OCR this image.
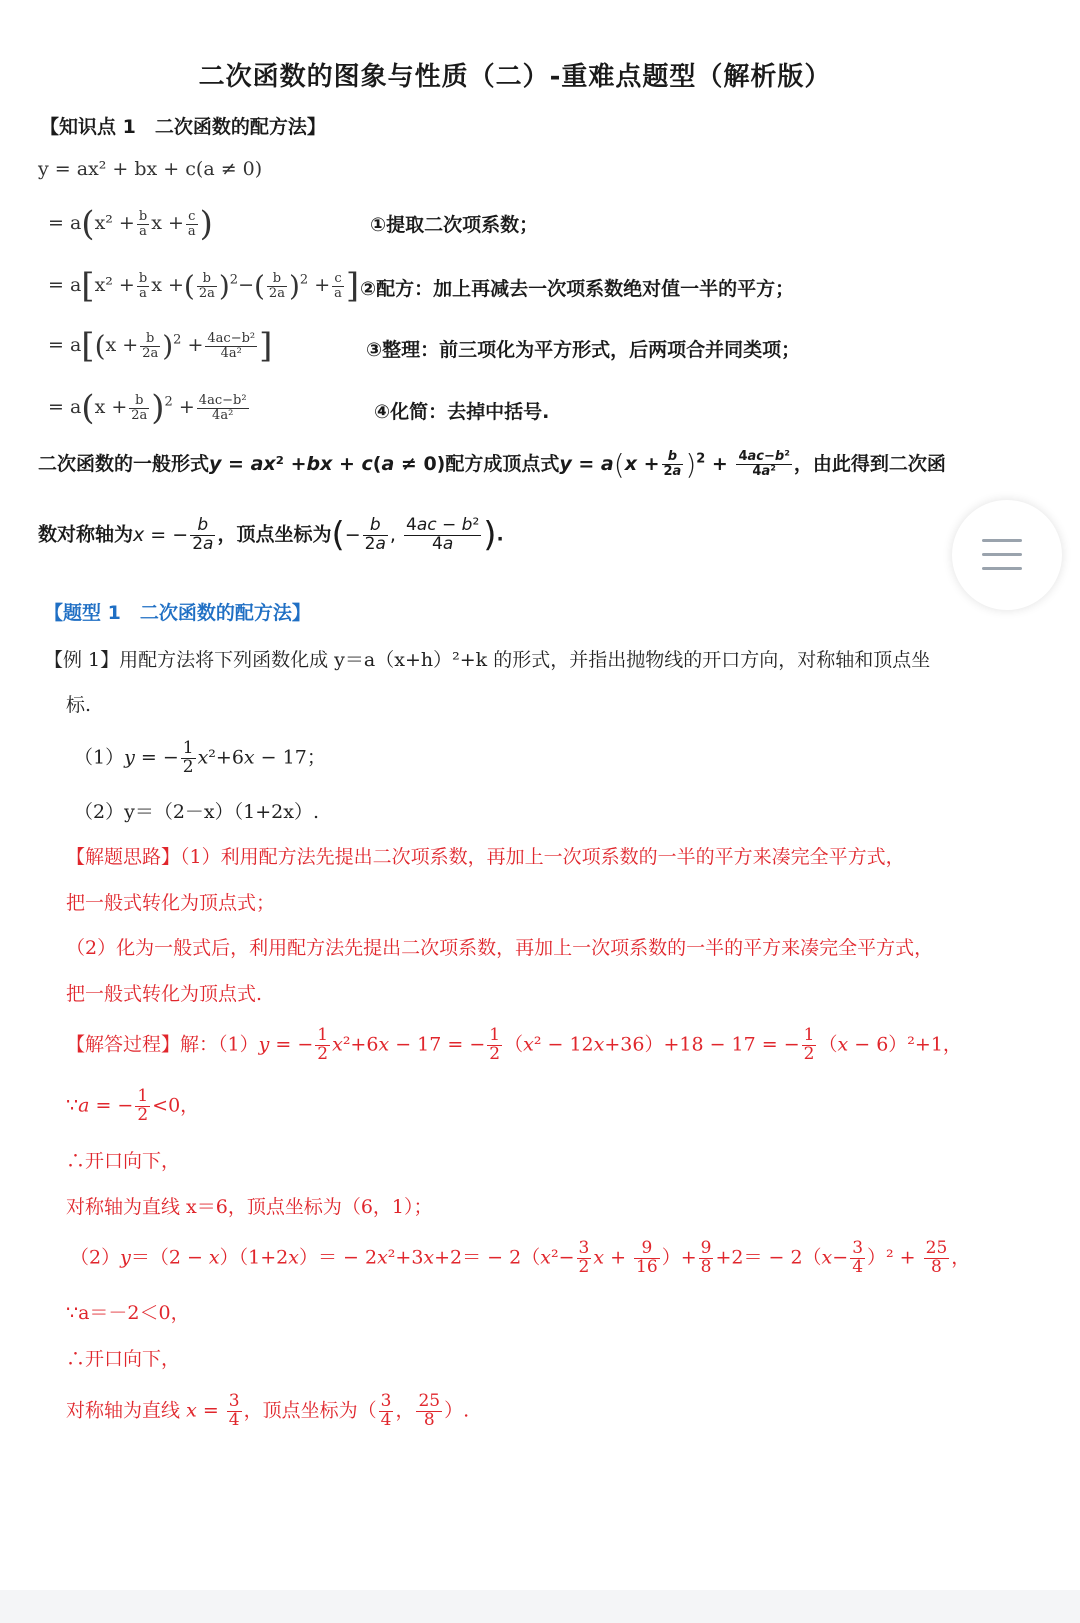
二次函数的图象与性质（二）-重难点题型（解析版）
【知识点 1　二次函数的配方法】
y = ax² + bx + c(a ≠ 0)
= $a(x^2 + \frac{b}{a}$ $x + \frac{c}{a}$ )	①提取二次项系数；
= $a[x^2 + \frac{b}{a}$ x +( $\frac{b}{2a} )^2-( \frac{b}{2a} )^2 + \frac{c}{a}$ ] ②配方：加上再减去一次项系数绝对值一半的平方；
= $a[(x + \frac{b}{2a} )^2 + \frac{\text{4ac−b²}}{\text{4a²}}$ ]	③整理：前三项化为平方形式，后两项合并同类项；
= $a(x + \frac{b}{2a} )^2 + \frac{\text{4ac−b²}}{\text{4a²}}$	④化简：去掉中括号.
二次函数的一般形式y = ax² +bx + c(a ≠ 0)配方成顶点式$y = a(x + \frac{b}{2a} )^2 + \frac{\text{4ac−b²}}{\text{4a²}}$ ，由此得到二次函
数对称轴为x = − $\frac{b}{2a}$ ，顶点坐标为(− $\frac{b}{2a}$ , $\frac{\text{4ac − b²}}{4a}$ ).
【题型 1　二次函数的配方法】
【例 1】用配方法将下列函数化成 y＝a（x+h）²+k 的形式，并指出抛物线的开口方向，对称轴和顶点坐
标.
（1）y = − $\frac{1}{2} x^2+6x - 17$；
（2）y＝（2－x）（1+2x）.
【解题思路】（1）利用配方法先提出二次项系数，再加上一次项系数的一半的平方来凑完全平方式，
把一般式转化为顶点式；
（2）化为一般式后，利用配方法先提出二次项系数，再加上一次项系数的一半的平方来凑完全平方式，
把一般式转化为顶点式.
【解答过程】解：（1）y = − $\frac{1}{2} x^2+6x - 17$ = − $\frac{1}{2} (x^2 - 12x+36)+18 - 17$ = − $\frac{1}{2} (x - 6)^2+1$，
∵a = − $\frac{1}{2} <0$，
∴开口向下，
对称轴为直线 x＝6，顶点坐标为（6，1）；
$(2)y=(2 - x)(1+2x)= - 2x^2+3x+2= - 2(x^2- \frac{3}{2}$ $x + \frac{9}{16}$ ）+ $\frac{9}{8} +2= - 2(x- \frac{3}{4} )^2 + \frac{25}{8}$ ，
∵a＝－2＜0，
∴开口向下，
对称轴为直线 $x = \frac{3}{4}$ ，顶点坐标为（ $\frac{3}{4}$ ， $\frac{25}{8}$ ）.
